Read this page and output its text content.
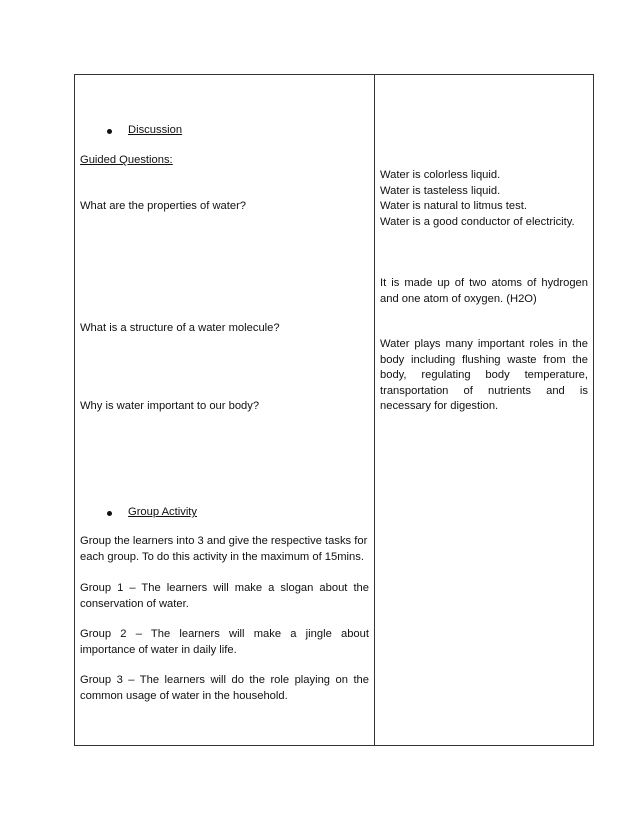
Discussion
Guided Questions:
What are the properties of water?
What is a structure of a water molecule?
Why is water important to our body?
Group Activity
Group the learners into 3 and give the respective tasks for each group. To do this activity in the maximum of 15mins.
Group 1 – The learners will make a slogan about the conservation of water.
Group 2 – The learners will make a jingle about importance of water in daily life.
Group 3 – The learners will do the role playing on the common usage of water in the household.
Water is colorless liquid.
Water is tasteless liquid.
Water is natural to litmus test.
Water is a good conductor of electricity.
It is made up of two atoms of hydrogen and one atom of oxygen. (H2O)
Water plays many important roles in the body including flushing waste from the body, regulating body temperature, transportation of nutrients and is necessary for digestion.
